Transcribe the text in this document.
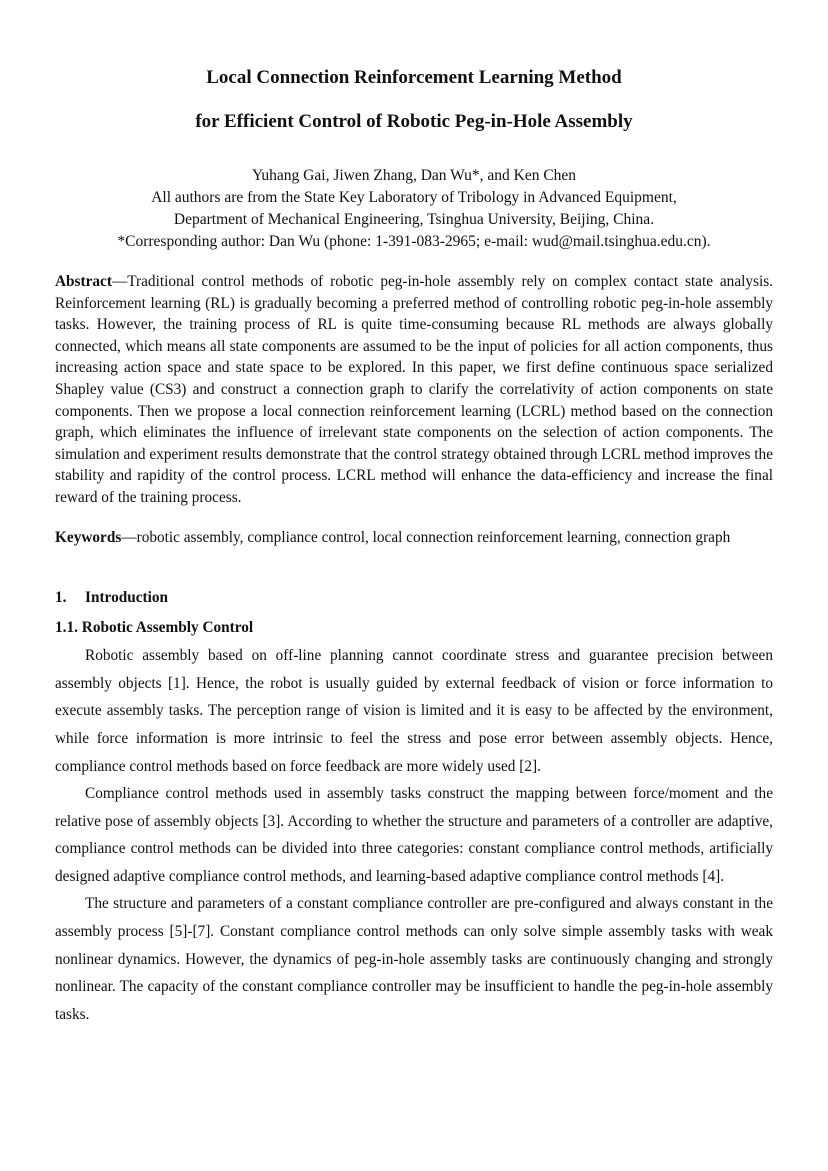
Local Connection Reinforcement Learning Method
for Efficient Control of Robotic Peg-in-Hole Assembly
Yuhang Gai, Jiwen Zhang, Dan Wu*, and Ken Chen
All authors are from the State Key Laboratory of Tribology in Advanced Equipment,
Department of Mechanical Engineering, Tsinghua University, Beijing, China.
*Corresponding author: Dan Wu (phone: 1-391-083-2965; e-mail: wud@mail.tsinghua.edu.cn).

Abstract—Traditional control methods of robotic peg-in-hole assembly rely on complex contact state analysis. Reinforcement learning (RL) is gradually becoming a preferred method of controlling robotic peg-in-hole assembly tasks. However, the training process of RL is quite time-consuming because RL methods are always globally connected, which means all state components are assumed to be the input of policies for all action components, thus increasing action space and state space to be explored. In this paper, we first define continuous space serialized Shapley value (CS3) and construct a connection graph to clarify the correlativity of action components on state components. Then we propose a local connection reinforcement learning (LCRL) method based on the connection graph, which eliminates the influence of irrelevant state components on the selection of action components. The simulation and experiment results demonstrate that the control strategy obtained through LCRL method improves the stability and rapidity of the control process. LCRL method will enhance the data-efficiency and increase the final reward of the training process.

Keywords—robotic assembly, compliance control, local connection reinforcement learning, connection graph

1. Introduction
1.1. Robotic Assembly Control

Robotic assembly based on off-line planning cannot coordinate stress and guarantee precision between assembly objects [1]. Hence, the robot is usually guided by external feedback of vision or force information to execute assembly tasks. The perception range of vision is limited and it is easy to be affected by the environment, while force information is more intrinsic to feel the stress and pose error between assembly objects. Hence, compliance control methods based on force feedback are more widely used [2].

Compliance control methods used in assembly tasks construct the mapping between force/moment and the relative pose of assembly objects [3]. According to whether the structure and parameters of a controller are adaptive, compliance control methods can be divided into three categories: constant compliance control methods, artificially designed adaptive compliance control methods, and learning-based adaptive compliance control methods [4].

The structure and parameters of a constant compliance controller are pre-configured and always constant in the assembly process [5]-[7]. Constant compliance control methods can only solve simple assembly tasks with weak nonlinear dynamics. However, the dynamics of peg-in-hole assembly tasks are continuously changing and strongly nonlinear. The capacity of the constant compliance controller may be insufficient to handle the peg-in-hole assembly tasks.
